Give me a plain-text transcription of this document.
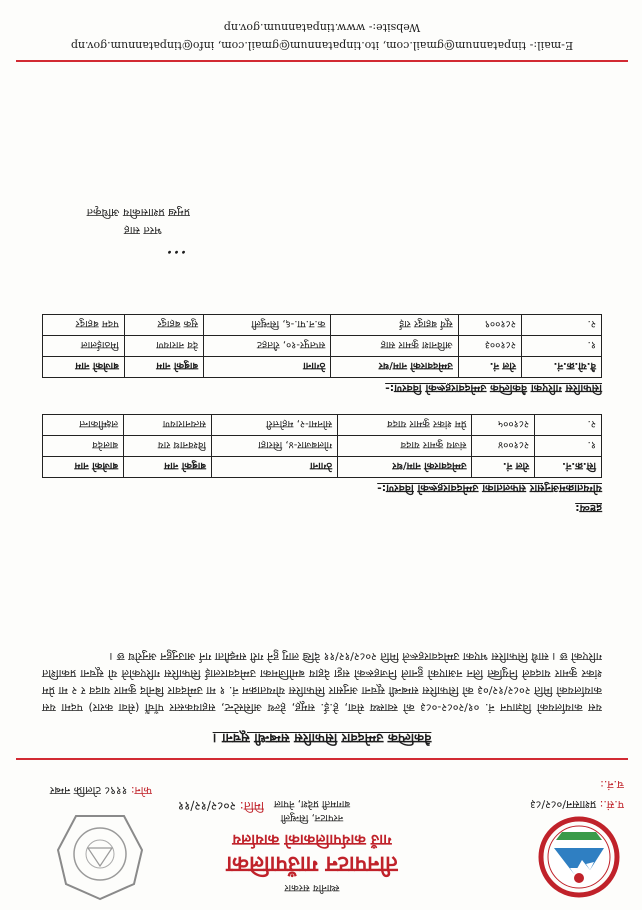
स्थानीय सरकार
तीनपाटन गाउँपालिका
गाउँ कार्यपालिकाको कार्यालय
नरपाटन, सिन्धुली
बागमती प्रदेश, नेपाल
मिति: २०८२/१२/११	प.सं.: प्रशासन/०८२/८३
फोन: ११९८ टोलफ्रि नम्बर	च.नं.:
वैकल्पिक उम्मेदवार सिफारिस सम्बन्धी सूचना ।
यस कार्यालयको विज्ञापन नं. ०१/२०८२-०८३ को स्वास्थ्य सेवा, हे.ई. समूह, हेल्थ असिस्टेन्ट, सहायकस्तर पाँचौं (सेवा करार) पदमा यस कार्यालयको मिति २०८२/१२/०३ को सिफारिस सम्बन्धी सूचना अनुसार सिफारिस योग्यताक्रम नं. १ मा उम्मेदवार बिनोद कुमार यादव र २ मा प्रेम शंकर कुमार यादवले नियुक्ति लिन नआएको हुनाले निजहरूको सट्टा देहाय बमोजिमका उम्मेदवारलाई सिफारिस गरिएकोले यो सूचना प्रकाशित गरिएको छ । साथै सिफारिस भएका उम्मेदवारहरूले मिति २०८२/१२/११ देखि लागु हुने गरी सम्झौता गर्न आउनुहुन अनुरोध छ ।
द्रष्टव्य:
योग्यताक्रमअनुसार सफलताका उम्मेदवारहरूको विवरण:-
सि.क्र.नं.	रोल नं.	उम्मेदवारको नाम/थर	ठेगाना	बाबुको नाम	बाजेको नाम
१.	२८१००४	संजय कुमार यादव	गोलबजार-४, सिराहा	विश्वनाथ राय	बालदेव
२.	२८१००५	प्रेम शंकर कुमार यादव	सोनमा-२, महोत्तरी	सत्यनारायण	लक्ष्मीकान्त
सिफारिस गरिएका वैकल्पिक उम्मेदवारहरूको विवरण:-
वै.यो.क्र.नं.	रोल नं.	उम्मेदवारको नाम/थर	ठेगाना	बाबुको नाम	बाजेको नाम
१.	२८१००३	अविनाश कुमार साह	सप्तपुर-१०, रौतहट	देव नारायण	मिठाईलाल
२.	२८१००९	सूर्य बहादुर राई	क.न.पा.-६, सिन्धुली	सुक बहादुर	पदम बहादुर
...
भरत साह
प्रमुख प्रशासकीय अधिकृत
E-mail:- tinpatannum@gmail.com, ito.tinpatannum@gmail.com, info@tinpatannum.gov.np
Website:- www.tinpatannum.gov.np
